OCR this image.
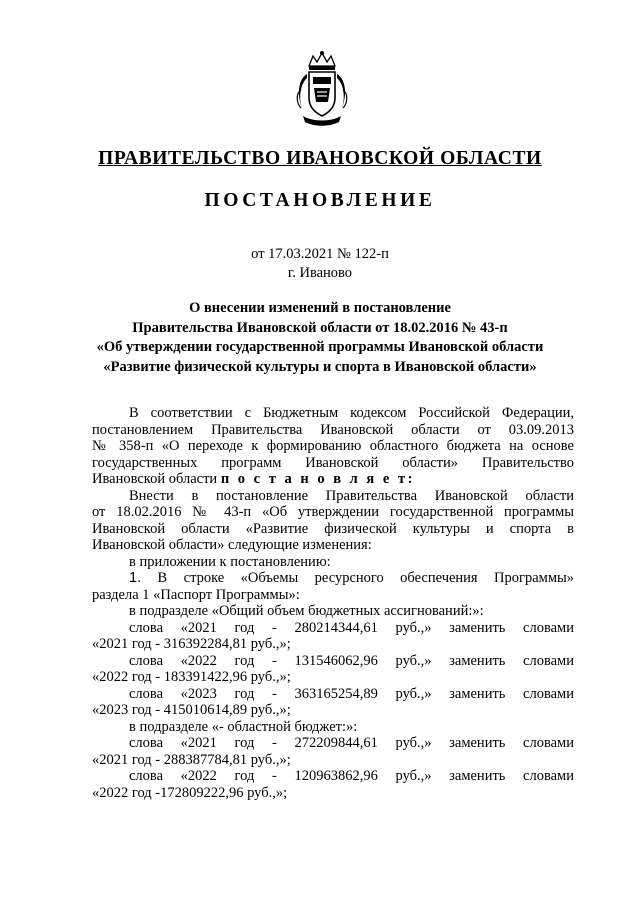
ПРАВИТЕЛЬСТВО ИВАНОВСКОЙ ОБЛАСТИ
ПОСТАНОВЛЕНИЕ
от 17.03.2021 № 122-п
г. Иваново
О внесении изменений в постановление
Правительства Ивановской области от 18.02.2016 № 43-п
«Об утверждении государственной программы Ивановской области
«Развитие физической культуры и спорта в Ивановской области»

В соответствии с Бюджетным кодексом Российской Федерации,

постановлением Правительства Ивановской области от 03.09.2013

№ 358-п «О переходе к формированию областного бюджета на основе

государственных программ Ивановской области» Правительство

Ивановской области п о с т а н о в л я е т:

Внести в постановление Правительства Ивановской области

от 18.02.2016 № 43-п «Об утверждении государственной программы

Ивановской области «Развитие физической культуры и спорта в

Ивановской области» следующие изменения:

в приложении к постановлению:

1. В строке «Объемы ресурсного обеспечения Программы»

раздела 1 «Паспорт Программы»:

в подразделе «Общий объем бюджетных ассигнований:»:

слова «2021 год - 280214344,61 руб.,» заменить словами

«2021 год - 316392284,81 руб.,»;

слова «2022 год - 131546062,96 руб.,» заменить словами

«2022 год - 183391422,96 руб.,»;

слова «2023 год - 363165254,89 руб.,» заменить словами

«2023 год - 415010614,89 руб.,»;

в подразделе «- областной бюджет:»:

слова «2021 год - 272209844,61 руб.,» заменить словами

«2021 год - 288387784,81 руб.,»;

слова «2022 год - 120963862,96 руб.,» заменить словами

«2022 год -172809222,96 руб.,»;
